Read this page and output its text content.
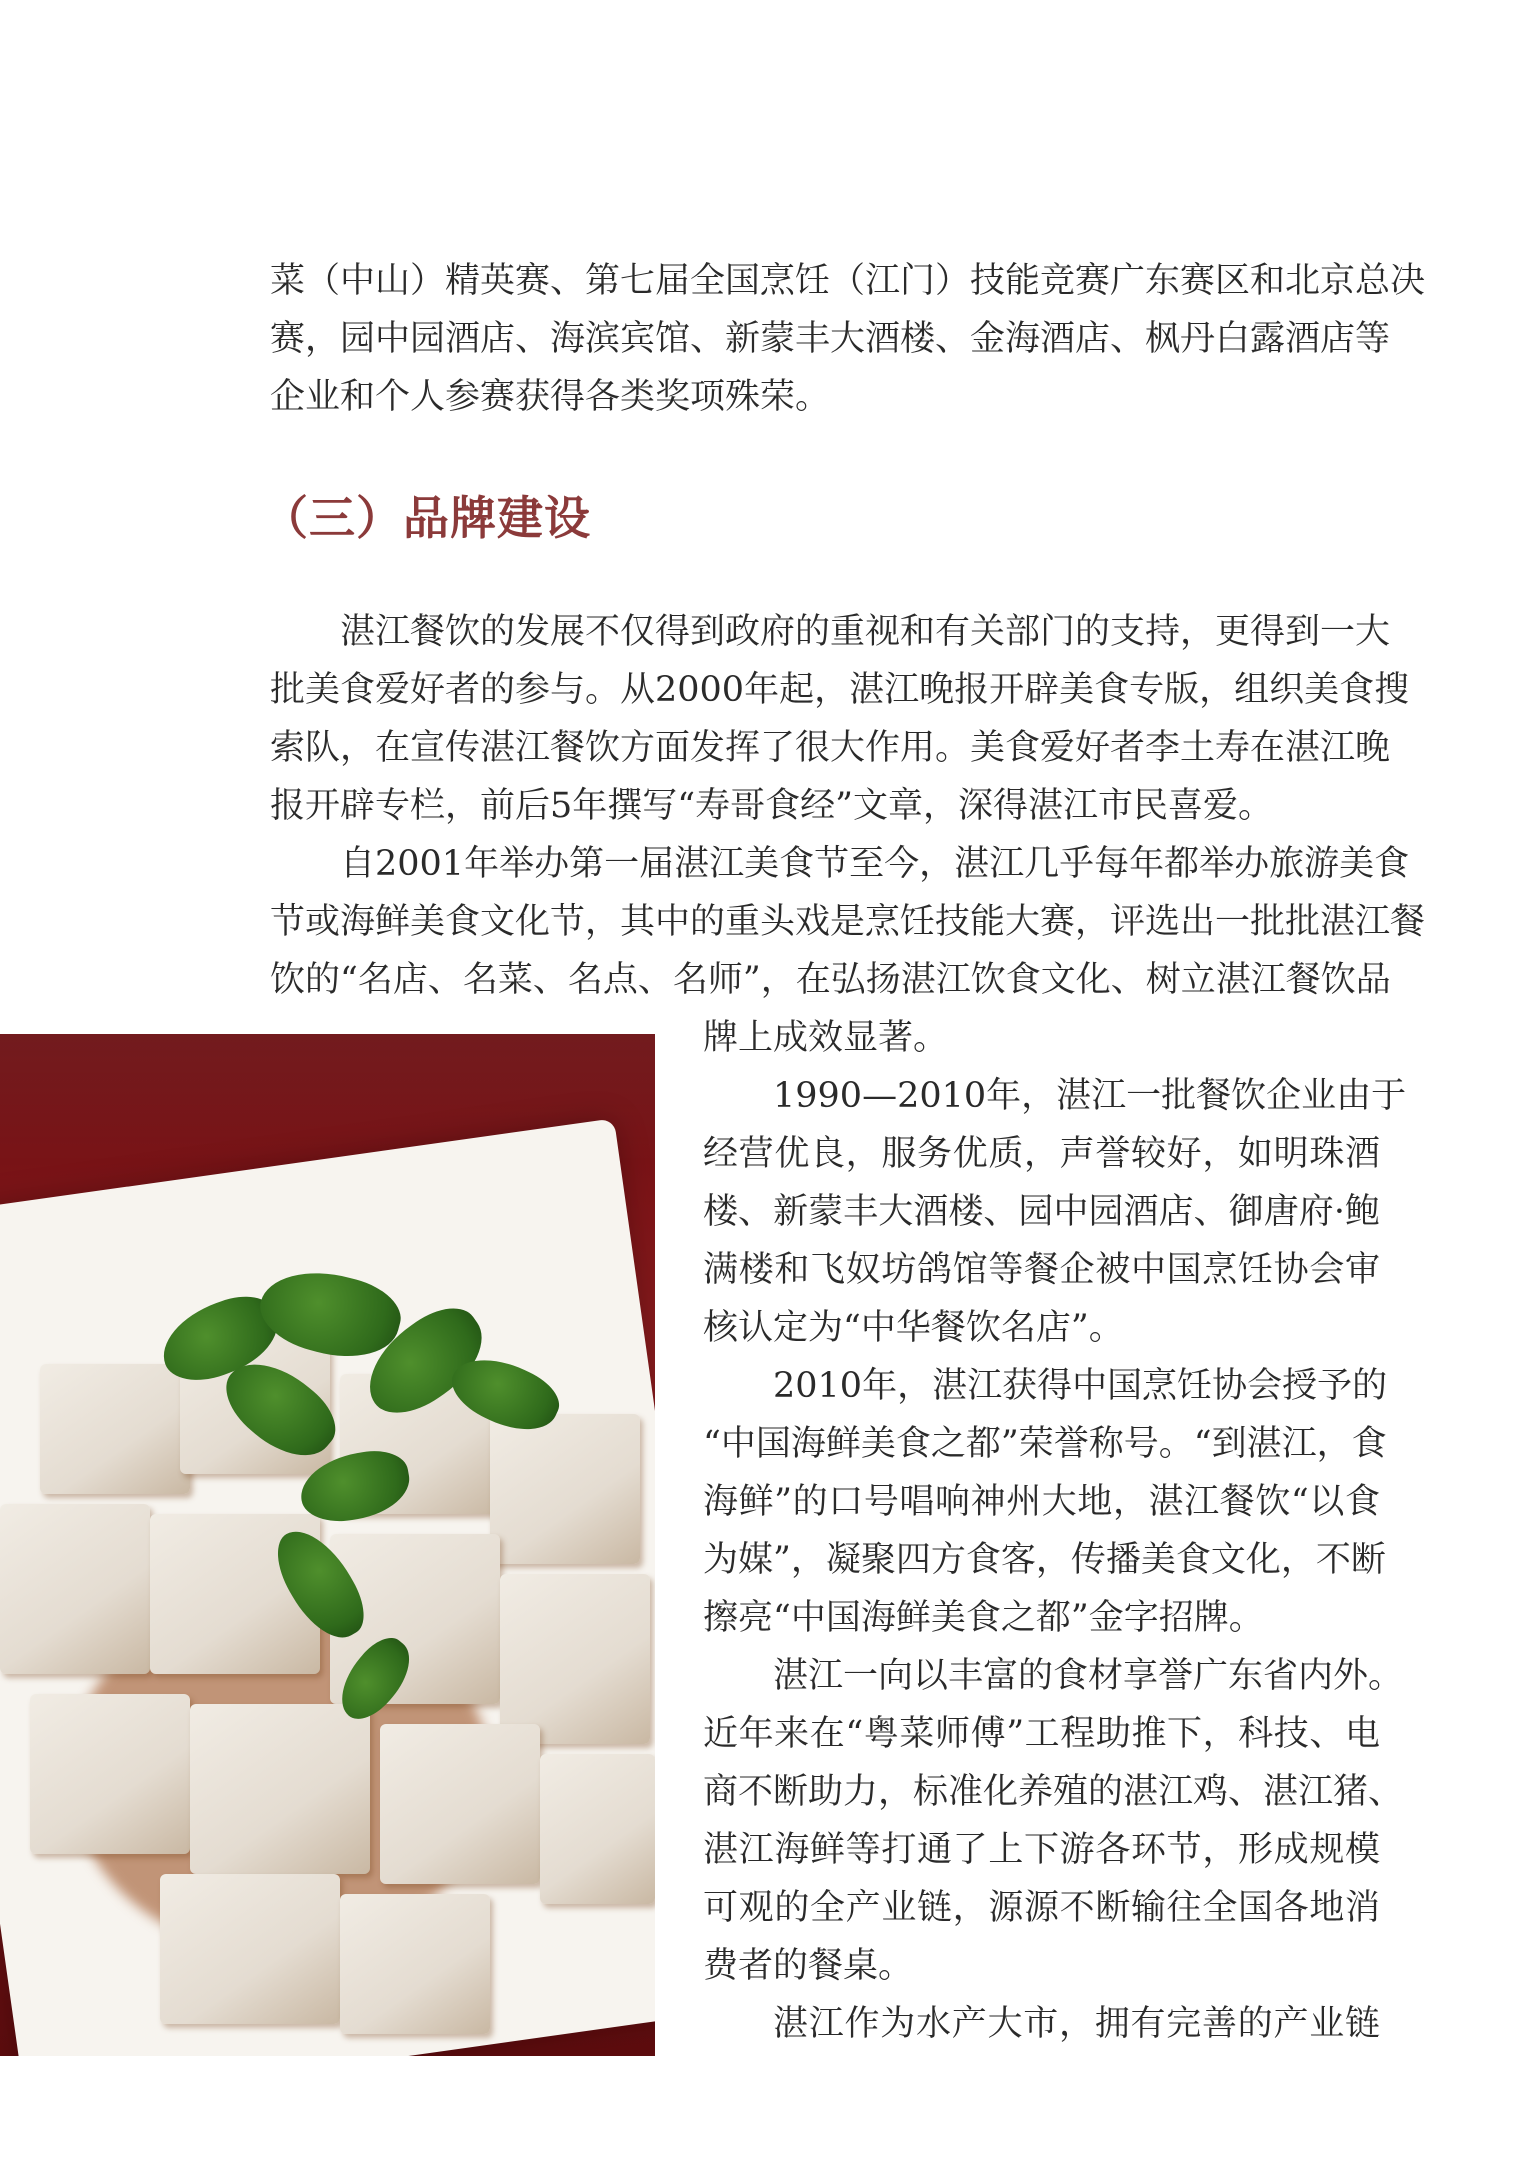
菜（中山）精英赛、第七届全国烹饪（江门）技能竞赛广东赛区和北京总决
赛，园中园酒店、海滨宾馆、新蒙丰大酒楼、金海酒店、枫丹白露酒店等
企业和个人参赛获得各类奖项殊荣。
（三）品牌建设
湛江餐饮的发展不仅得到政府的重视和有关部门的支持，更得到一大
批美食爱好者的参与。从2000年起，湛江晚报开辟美食专版，组织美食搜
索队，在宣传湛江餐饮方面发挥了很大作用。美食爱好者李土寿在湛江晚
报开辟专栏，前后5年撰写“寿哥食经”文章，深得湛江市民喜爱。
自2001年举办第一届湛江美食节至今，湛江几乎每年都举办旅游美食
节或海鲜美食文化节，其中的重头戏是烹饪技能大赛，评选出一批批湛江餐
饮的“名店、名菜、名点、名师”，在弘扬湛江饮食文化、树立湛江餐饮品
牌上成效显著。
1990—2010年，湛江一批餐饮企业由于
经营优良，服务优质，声誉较好，如明珠酒
楼、新蒙丰大酒楼、园中园酒店、御唐府·鲍
满楼和飞奴坊鸽馆等餐企被中国烹饪协会审
核认定为“中华餐饮名店”。
2010年，湛江获得中国烹饪协会授予的
“中国海鲜美食之都”荣誉称号。“到湛江，食
海鲜”的口号唱响神州大地，湛江餐饮“以食
为媒”，凝聚四方食客，传播美食文化，不断
擦亮“中国海鲜美食之都”金字招牌。
湛江一向以丰富的食材享誉广东省内外。
近年来在“粤菜师傅”工程助推下，科技、电
商不断助力，标准化养殖的湛江鸡、湛江猪、
湛江海鲜等打通了上下游各环节，形成规模
可观的全产业链，源源不断输往全国各地消
费者的餐桌。
湛江作为水产大市，拥有完善的产业链
